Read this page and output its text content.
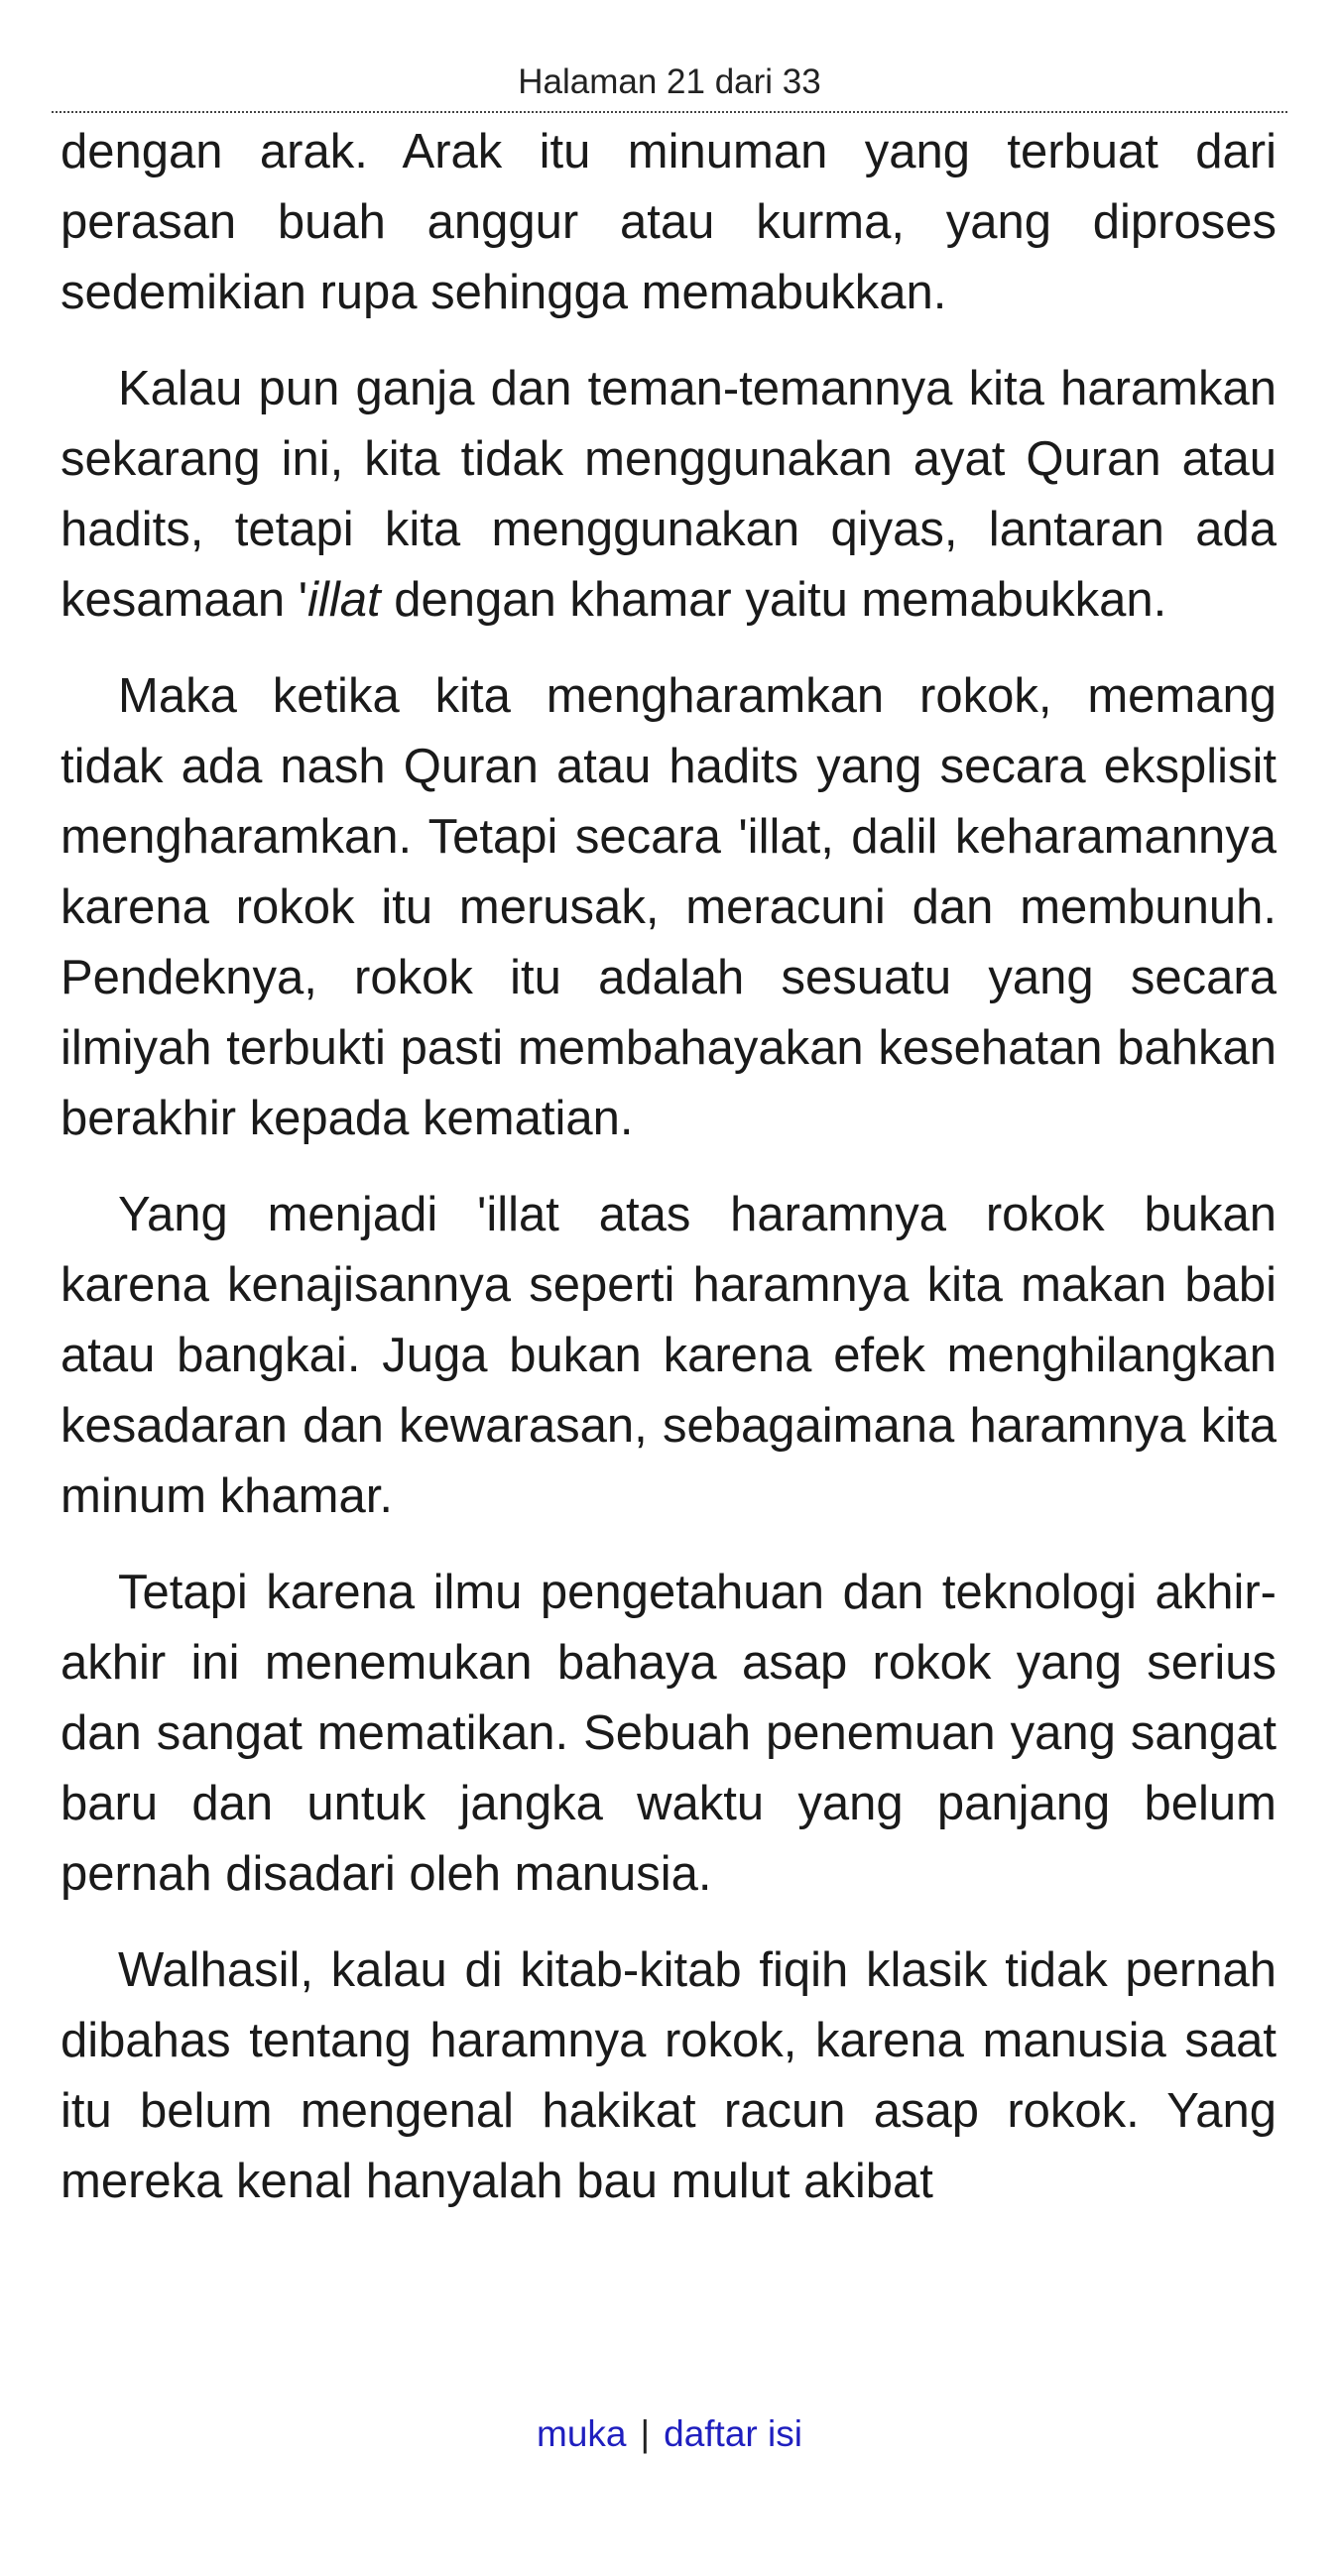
Halaman 21 dari 33

dengan arak. Arak itu minuman yang terbuat dari perasan buah anggur atau kurma, yang diproses sedemikian rupa sehingga memabukkan.

Kalau pun ganja dan teman-temannya kita haramkan sekarang ini, kita tidak menggunakan ayat Quran atau hadits, tetapi kita menggunakan qiyas, lantaran ada kesamaan 'illat dengan khamar yaitu memabukkan.

Maka ketika kita mengharamkan rokok, memang tidak ada nash Quran atau hadits yang secara eksplisit mengharamkan. Tetapi secara 'illat, dalil keharamannya karena rokok itu merusak, meracuni dan membunuh. Pendeknya, rokok itu adalah sesuatu yang secara ilmiyah terbukti pasti membahayakan kesehatan bahkan berakhir kepada kematian.

Yang menjadi 'illat atas haramnya rokok bukan karena kenajisannya seperti haramnya kita makan babi atau bangkai. Juga bukan karena efek menghilangkan kesadaran dan kewarasan, sebagaimana haramnya kita minum khamar.

Tetapi karena ilmu pengetahuan dan teknologi akhir-akhir ini menemukan bahaya asap rokok yang serius dan sangat mematikan. Sebuah penemuan yang sangat baru dan untuk jangka waktu yang panjang belum pernah disadari oleh manusia.

Walhasil, kalau di kitab-kitab fiqih klasik tidak pernah dibahas tentang haramnya rokok, karena manusia saat itu belum mengenal hakikat racun asap rokok. Yang mereka kenal hanyalah bau mulut akibat

muka | daftar isi
